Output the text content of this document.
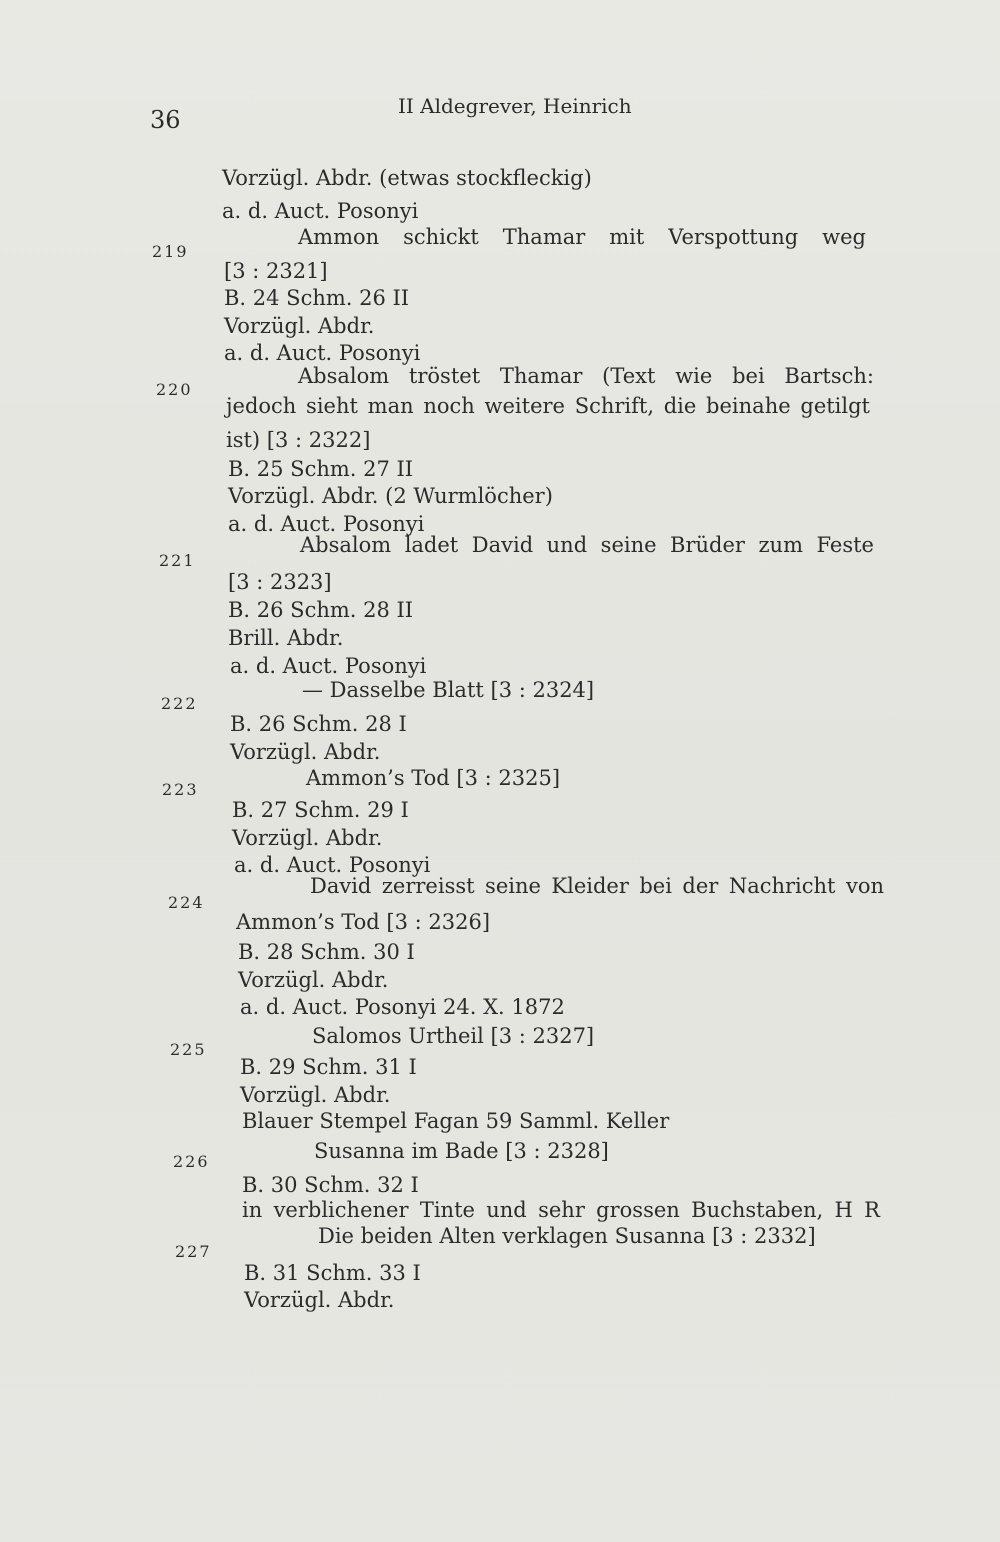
36	II Aldegrever, Heinrich
Vorzügl. Abdr. (etwas stockfleckig)
a. d. Auct. Posonyi
219
Ammon schickt Thamar mit Verspottung weg
[3 : 2321]
B. 24 Schm. 26 II
Vorzügl. Abdr.
a. d. Auct. Posonyi
220
Absalom tröstet Thamar (Text wie bei Bartsch:
jedoch sieht man noch weitere Schrift, die beinahe getilgt
ist) [3 : 2322]
B. 25 Schm. 27 II
Vorzügl. Abdr. (2 Wurmlöcher)
a. d. Auct. Posonyi
221
Absalom ladet David und seine Brüder zum Feste
[3 : 2323]
B. 26 Schm. 28 II
Brill. Abdr.
a. d. Auct. Posonyi
222
— Dasselbe Blatt [3 : 2324]
B. 26 Schm. 28 I
Vorzügl. Abdr.
223	Ammon’s Tod [3 : 2325]
B. 27 Schm. 29 I
Vorzügl. Abdr.
a. d. Auct. Posonyi
224
David zerreisst seine Kleider bei der Nachricht von
Ammon’s Tod [3 : 2326]
B. 28 Schm. 30 I
Vorzügl. Abdr.
a. d. Auct. Posonyi 24. X. 1872
225
Salomos Urtheil [3 : 2327]
B. 29 Schm. 31 I
Vorzügl. Abdr.
Blauer Stempel Fagan 59 Samml. Keller
226	Susanna im Bade [3 : 2328]
B. 30 Schm. 32 I
in verblichener Tinte und sehr grossen Buchstaben, H R
227
Die beiden Alten verklagen Susanna [3 : 2332]
B. 31 Schm. 33 I
Vorzügl. Abdr.
